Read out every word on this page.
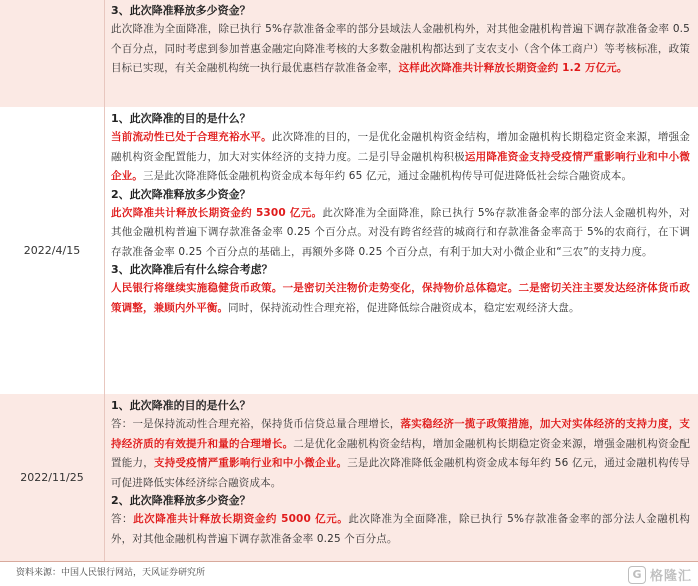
3、此次降准释放多少资金？

此次降准为全面降准，除已执行 5%存款准备金率的部分县域法人金融机构外，对其他金融机构普遍下调存款准备金率 0.5 个百分点，同时考虑到参加普惠金融定向降准考核的大多数金融机构都达到了支农支小（含个体工商户）等考核标准，政策目标已实现，有关金融机构统一执行最优惠档存款准备金率，这样此次降准共计释放长期资金约 1.2 万亿元。

2022/4/15
1、此次降准的目的是什么？

当前流动性已处于合理充裕水平。此次降准的目的，一是优化金融机构资金结构，增加金融机构长期稳定资金来源，增强金融机构资金配置能力，加大对实体经济的支持力度。二是引导金融机构积极运用降准资金支持受疫情严重影响行业和中小微企业。三是此次降准降低金融机构资金成本每年约 65 亿元，通过金融机构传导可促进降低社会综合融资成本。

2、此次降准释放多少资金？

此次降准共计释放长期资金约 5300 亿元。此次降准为全面降准，除已执行 5%存款准备金率的部分法人金融机构外，对其他金融机构普遍下调存款准备金率 0.25 个百分点。对没有跨省经营的城商行和存款准备金率高于 5%的农商行，在下调存款准备金率 0.25 个百分点的基础上，再额外多降 0.25 个百分点，有利于加大对小微企业和“三农”的支持力度。

3、此次降准后有什么综合考虑？

人民银行将继续实施稳健货币政策。一是密切关注物价走势变化，保持物价总体稳定。二是密切关注主要发达经济体货币政策调整，兼顾内外平衡。同时，保持流动性合理充裕，促进降低综合融资成本，稳定宏观经济大盘。

2022/11/25
1、此次降准的目的是什么？

答：一是保持流动性合理充裕，保持货币信贷总量合理增长，落实稳经济一揽子政策措施，加大对实体经济的支持力度，支持经济质的有效提升和量的合理增长。二是优化金融机构资金结构，增加金融机构长期稳定资金来源，增强金融机构资金配置能力，支持受疫情严重影响行业和中小微企业。三是此次降准降低金融机构资金成本每年约 56 亿元，通过金融机构传导可促进降低实体经济综合融资成本。

2、此次降准释放多少资金？

答：此次降准共计释放长期资金约 5000 亿元。此次降准为全面降准，除已执行 5%存款准备金率的部分法人金融机构外，对其他金融机构普遍下调存款准备金率 0.25 个百分点。

资料来源：中国人民银行网站，天风证券研究所	G 格隆汇
